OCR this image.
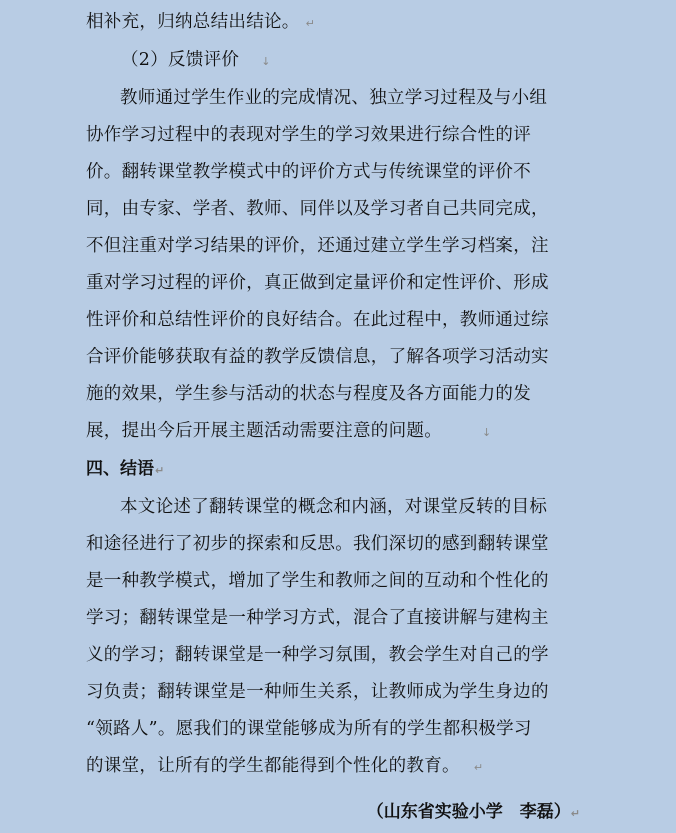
相补充，归纳总结出结论。 ↵

（2）反馈评价 ↓

教师通过学生作业的完成情况、独立学习过程及与小组

协作学习过程中的表现对学生的学习效果进行综合性的评

价。翻转课堂教学模式中的评价方式与传统课堂的评价不

同，由专家、学者、教师、同伴以及学习者自己共同完成，

不但注重对学习结果的评价，还通过建立学生学习档案，注

重对学习过程的评价，真正做到定量评价和定性评价、形成

性评价和总结性评价的良好结合。在此过程中，教师通过综

合评价能够获取有益的教学反馈信息，了解各项学习活动实

施的效果，学生参与活动的状态与程度及各方面能力的发

展，提出今后开展主题活动需要注意的问题。	↓

四、结语↵

本文论述了翻转课堂的概念和内涵，对课堂反转的目标

和途径进行了初步的探索和反思。我们深切的感到翻转课堂

是一种教学模式，增加了学生和教师之间的互动和个性化的

学习；翻转课堂是一种学习方式，混合了直接讲解与建构主

义的学习；翻转课堂是一种学习氛围，教会学生对自己的学

习负责；翻转课堂是一种师生关系，让教师成为学生身边的

“领路人”。愿我们的课堂能够成为所有的学生都积极学习

的课堂，让所有的学生都能得到个性化的教育。 ↵

（山东省实验小学　李磊）↵
